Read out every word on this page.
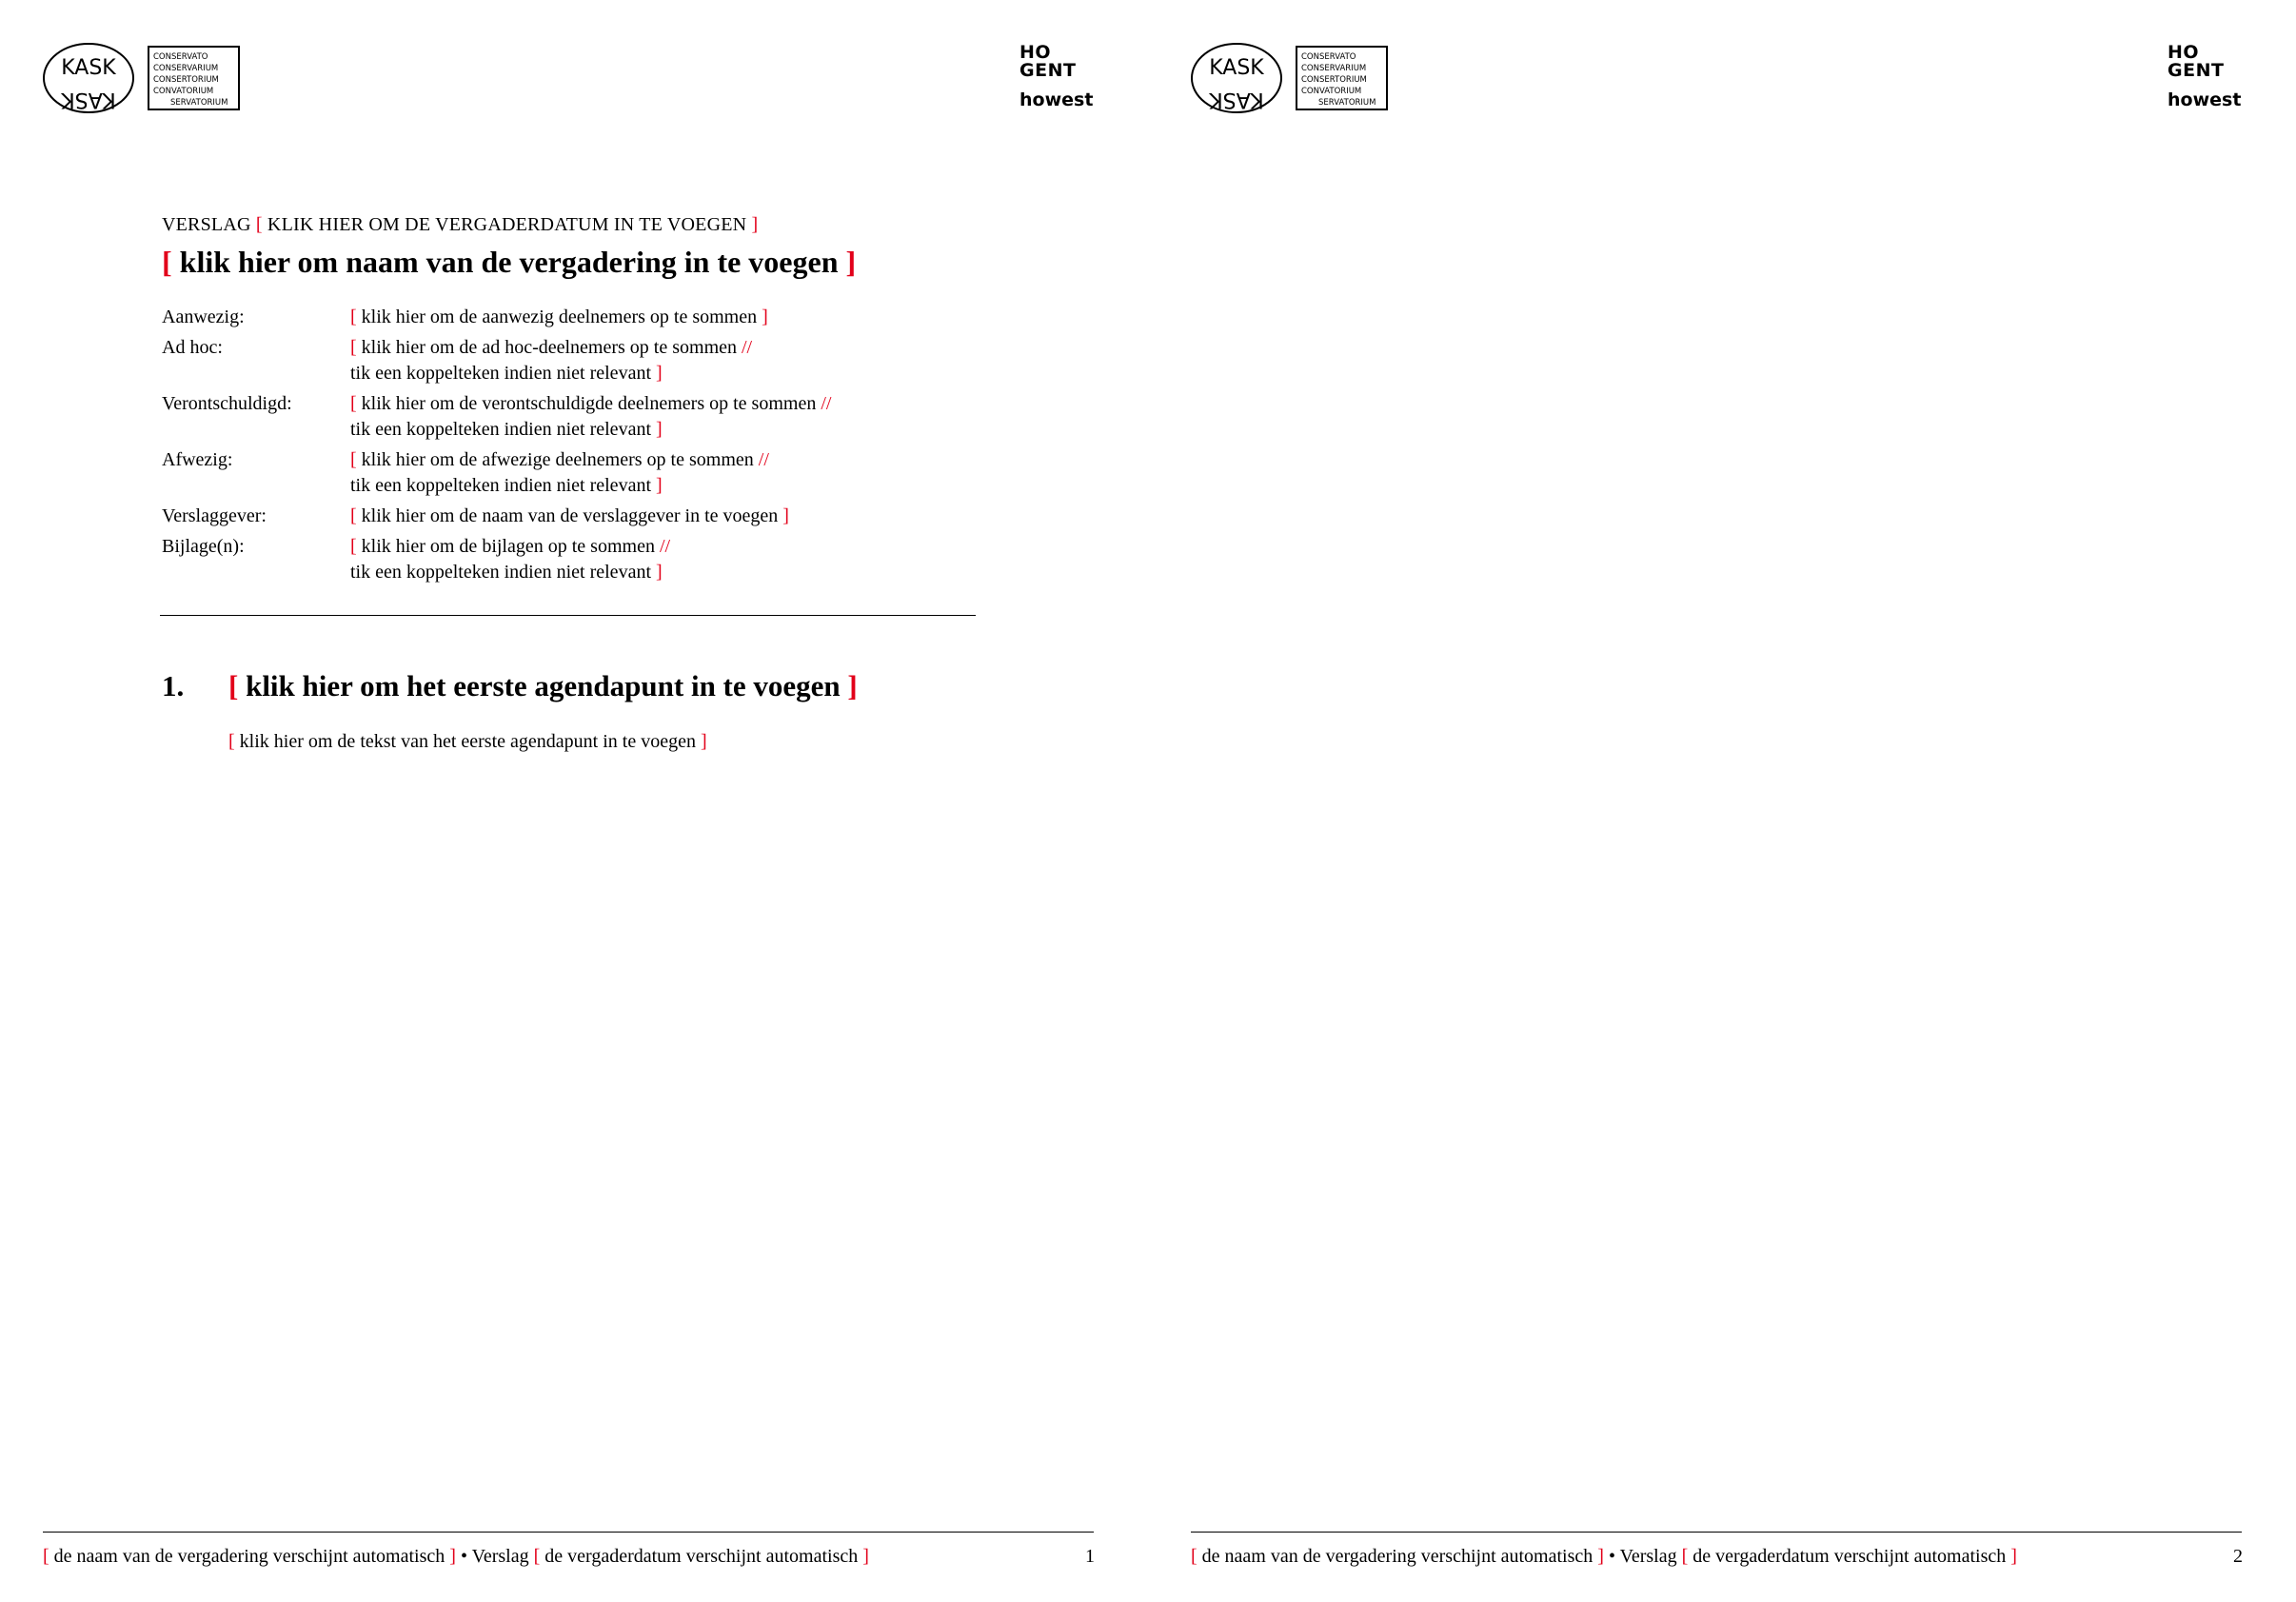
KASK
KASK
CONSERVATO
CONSERVARIUM
CONSERTORIUM
CONVATORIUM
SERVATORIUM
HO
GENT
howest
VERSLAG [ KLIK HIER OM DE VERGADERDATUM IN TE VOEGEN ]
[ klik hier om naam van de vergadering in te voegen ]
Aanwezig:	[ klik hier om de aanwezig deelnemers op te sommen ]
Ad hoc:	[ klik hier om de ad hoc-deelnemers op te sommen //
tik een koppelteken indien niet relevant ]
Verontschuldigd:	[ klik hier om de verontschuldigde deelnemers op te sommen //
tik een koppelteken indien niet relevant ]
Afwezig:	[ klik hier om de afwezige deelnemers op te sommen //
tik een koppelteken indien niet relevant ]
Verslaggever:	[ klik hier om de naam van de verslaggever in te voegen ]
Bijlage(n):	[ klik hier om de bijlagen op te sommen //
tik een koppelteken indien niet relevant ]
1.	[ klik hier om het eerste agendapunt in te voegen ]
[ klik hier om de tekst van het eerste agendapunt in te voegen ]
[ de naam van de vergadering verschijnt automatisch ] • Verslag [ de vergaderdatum verschijnt automatisch ]	1
KASK
KASK
CONSERVATO
CONSERVARIUM
CONSERTORIUM
CONVATORIUM
SERVATORIUM
HO
GENT
howest
[ de naam van de vergadering verschijnt automatisch ] • Verslag [ de vergaderdatum verschijnt automatisch ]	2
